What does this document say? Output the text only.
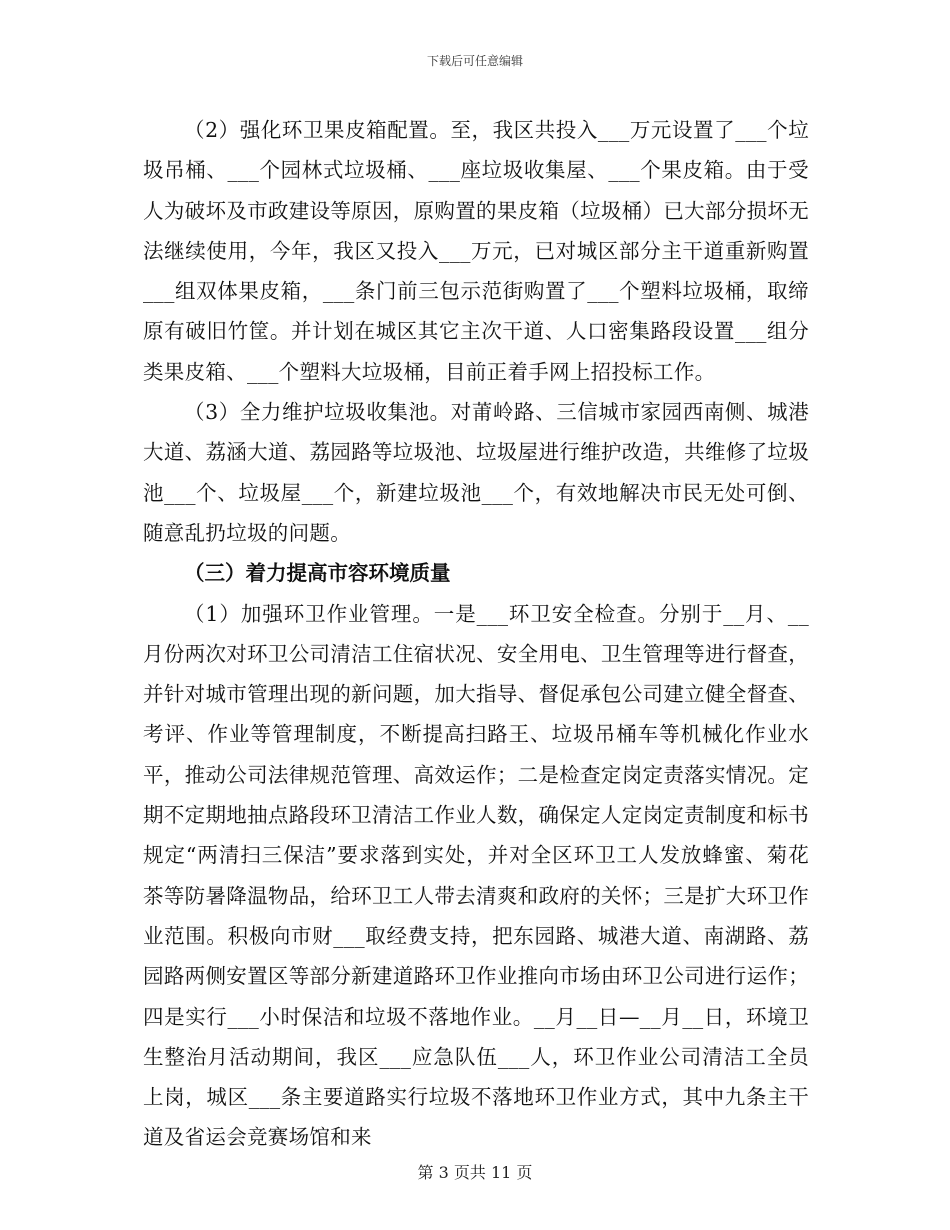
下载后可任意编辑

（2）强化环卫果皮箱配置。至，我区共投入___万元设置了___个垃圾吊桶、___个园林式垃圾桶、___座垃圾收集屋、___个果皮箱。由于受人为破坏及市政建设等原因，原购置的果皮箱（垃圾桶）已大部分损坏无法继续使用，今年，我区又投入___万元，已对城区部分主干道重新购置___组双体果皮箱，___条门前三包示范街购置了___个塑料垃圾桶，取缔原有破旧竹筐。并计划在城区其它主次干道、人口密集路段设置___组分类果皮箱、___个塑料大垃圾桶，目前正着手网上招投标工作。

（3）全力维护垃圾收集池。对莆岭路、三信城市家园西南侧、城港大道、荔涵大道、荔园路等垃圾池、垃圾屋进行维护改造，共维修了垃圾池___个、垃圾屋___个，新建垃圾池___个，有效地解决市民无处可倒、随意乱扔垃圾的问题。

（三）着力提高市容环境质量

（1）加强环卫作业管理。一是___环卫安全检查。分别于__月、__月份两次对环卫公司清洁工住宿状况、安全用电、卫生管理等进行督查，并针对城市管理出现的新问题，加大指导、督促承包公司建立健全督查、考评、作业等管理制度，不断提高扫路王、垃圾吊桶车等机械化作业水平，推动公司法律规范管理、高效运作；二是检查定岗定责落实情况。定期不定期地抽点路段环卫清洁工作业人数，确保定人定岗定责制度和标书规定“两清扫三保洁”要求落到实处，并对全区环卫工人发放蜂蜜、菊花茶等防暑降温物品，给环卫工人带去清爽和政府的关怀；三是扩大环卫作业范围。积极向市财___取经费支持，把东园路、城港大道、南湖路、荔园路两侧安置区等部分新建道路环卫作业推向市场由环卫公司进行运作；四是实行___小时保洁和垃圾不落地作业。__月__日—__月__日，环境卫生整治月活动期间，我区___应急队伍___人，环卫作业公司清洁工全员上岗，城区___条主要道路实行垃圾不落地环卫作业方式，其中九条主干道及省运会竞赛场馆和来

第 3 页共 11 页
